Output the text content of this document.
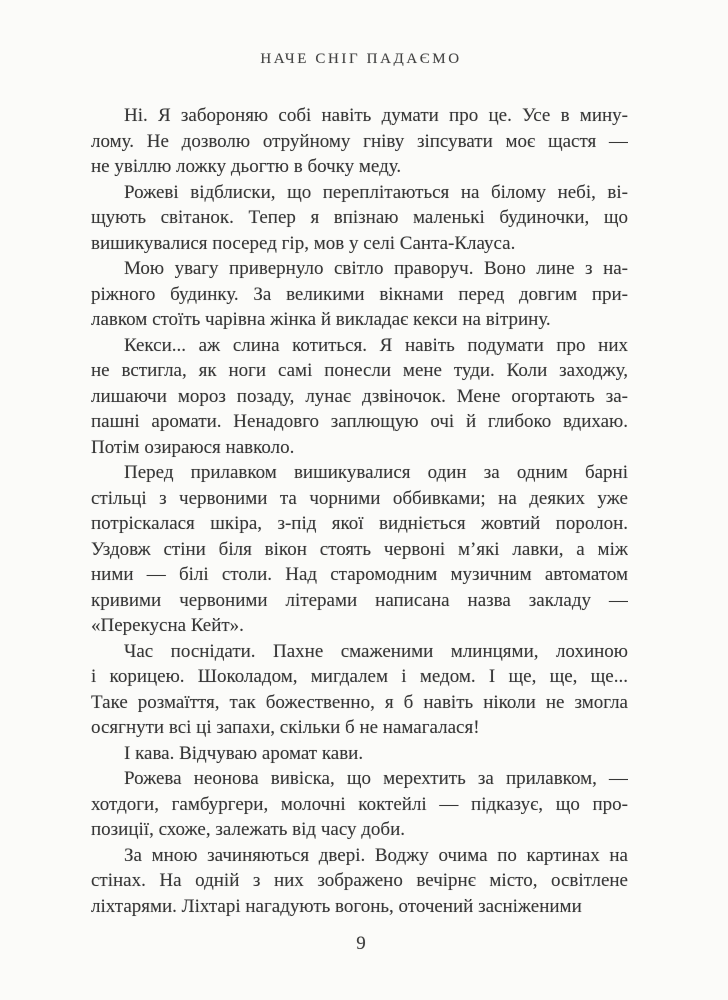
НАЧЕ СНІГ ПАДАЄМО
Ні. Я забороняю собі навіть думати про це. Усе в мину-
лому. Не дозволю отруйному гніву зіпсувати моє щастя —
не увіллю ложку дьогтю в бочку меду.
Рожеві відблиски, що переплітаються на білому небі, ві-
щують світанок. Тепер я впізнаю маленькі будиночки, що
вишикувалися посеред гір, мов у селі Санта-Клауса.
Мою увагу привернуло світло праворуч. Воно лине з на-
ріжного будинку. За великими вікнами перед довгим при-
лавком стоїть чарівна жінка й викладає кекси на вітрину.
Кекси... аж слина котиться. Я навіть подумати про них
не встигла, як ноги самі понесли мене туди. Коли заходжу,
лишаючи мороз позаду, лунає дзвіночок. Мене огортають за-
пашні аромати. Ненадовго заплющую очі й глибоко вдихаю.
Потім озираюся навколо.
Перед прилавком вишикувалися один за одним барні
стільці з червоними та чорними оббивками; на деяких уже
потріскалася шкіра, з-під якої видніється жовтий поролон.
Уздовж стіни біля вікон стоять червоні м’які лавки, а між
ними — білі столи. Над старомодним музичним автоматом
кривими червоними літерами написана назва закладу —
«Перекусна Кейт».
Час поснідати. Пахне смаженими млинцями, лохиною
і корицею. Шоколадом, мигдалем і медом. І ще, ще, ще...
Таке розмаїття, так божественно, я б навіть ніколи не змогла
осягнути всі ці запахи, скільки б не намагалася!
І кава. Відчуваю аромат кави.
Рожева неонова вивіска, що мерехтить за прилавком, —
хотдоги, гамбургери, молочні коктейлі — підказує, що про-
позиції, схоже, залежать від часу доби.
За мною зачиняються двері. Воджу очима по картинах на
стінах. На одній з них зображено вечірнє місто, освітлене
ліхтарями. Ліхтарі нагадують вогонь, оточений засніженими
9
